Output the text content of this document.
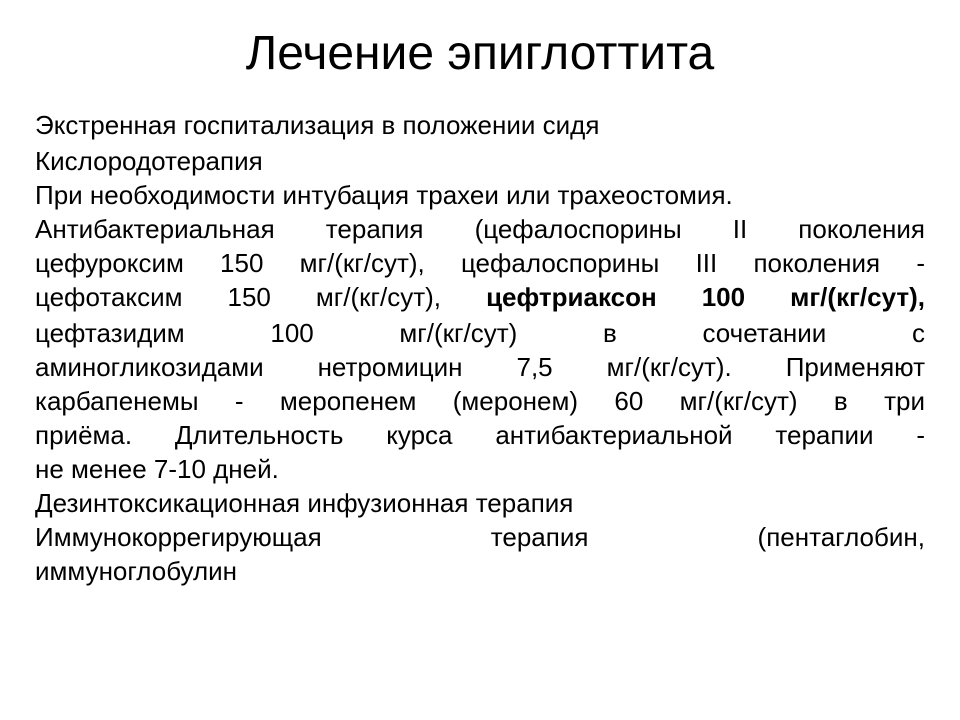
Лечение эпиглоттита
Экстренная госпитализация в положении сидя
Кислородотерапия
При необходимости интубация трахеи или трахеостомия.
Антибактериальная терапия (цефалоспорины II поколения
цефуроксим 150 мг/(кг/сут), цефалоспорины III поколения -
цефотаксим 150 мг/(кг/сут), цефтриаксон 100 мг/(кг/сут),
цефтазидим 100 мг/(кг/сут) в сочетании с
аминогликозидами нетромицин 7,5 мг/(кг/сут). Применяют
карбапенемы - меропенем (меронем) 60 мг/(кг/сут) в три
приёма. Длительность курса антибактериальной терапии -
не менее 7-10 дней.
Дезинтоксикационная инфузионная терапия
Иммунокоррегирующая терапия (пентаглобин,
иммуноглобулин
